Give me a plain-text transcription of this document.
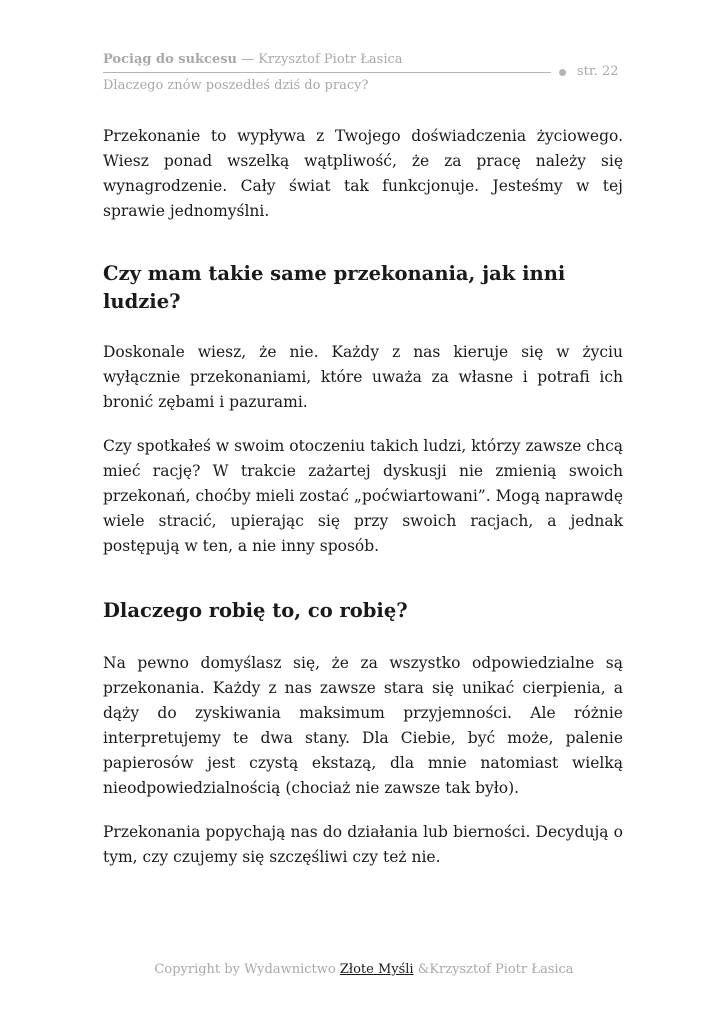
Pociąg do sukcesu — Krzysztof Piotr Łasica
str. 22
Dlaczego znów poszedłeś dziś do pracy?

Przekonanie to wypływa z Twojego doświadczenia życiowego. Wiesz ponad wszelką wątpliwość, że za pracę należy się wynagrodzenie. Cały świat tak funkcjonuje. Jesteśmy w tej sprawie jednomyślni.

Czy mam takie same przekonania, jak inni ludzie?

Doskonale wiesz, że nie. Każdy z nas kieruje się w życiu wyłącznie przekonaniami, które uważa za własne i potrafi ich bronić zębami i pazurami.

Czy spotkałeś w swoim otoczeniu takich ludzi, którzy zawsze chcą mieć rację? W trakcie zażartej dyskusji nie zmienią swoich przekonań, choćby mieli zostać „poćwiartowani”. Mogą naprawdę wiele stracić, upierając się przy swoich racjach, a jednak postępują w ten, a nie inny sposób.

Dlaczego robię to, co robię?

Na pewno domyślasz się, że za wszystko odpowiedzialne są przekonania. Każdy z nas zawsze stara się unikać cierpienia, a dąży do zyskiwania maksimum przyjemności. Ale różnie interpretujemy te dwa stany. Dla Ciebie, być może, palenie papierosów jest czystą ekstazą, dla mnie natomiast wielką nieodpowiedzialnością (chociaż nie zawsze tak było).

Przekonania popychają nas do działania lub bierności. Decydują o tym, czy czujemy się szczęśliwi czy też nie.

Copyright by Wydawnictwo Złote Myśli &Krzysztof Piotr Łasica
